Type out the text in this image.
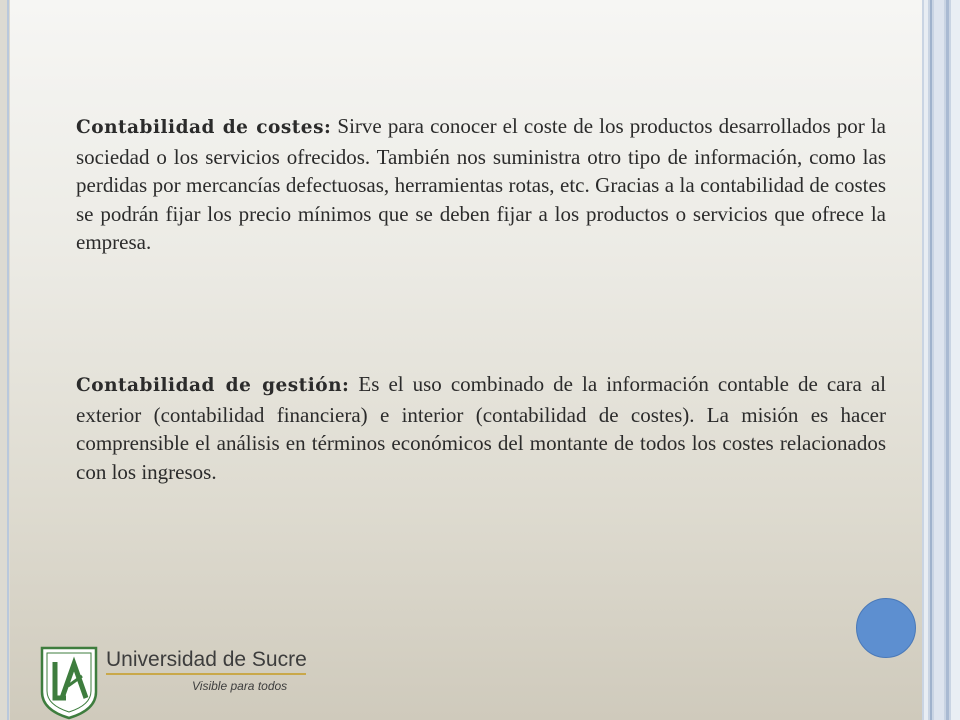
Contabilidad de costes: Sirve para conocer el coste de los productos desarrollados por la sociedad o los servicios ofrecidos. También nos suministra otro tipo de información, como las perdidas por mercancías defectuosas, herramientas rotas, etc. Gracias a la contabilidad de costes se podrán fijar los precio mínimos que se deben fijar a los productos o servicios que ofrece la empresa.

Contabilidad de gestión: Es el uso combinado de la información contable de cara al exterior (contabilidad financiera) e interior (contabilidad de costes). La misión es hacer comprensible el análisis en términos económicos del montante de todos los costes relacionados con los ingresos.

Universidad de Sucre

Visible para todos
